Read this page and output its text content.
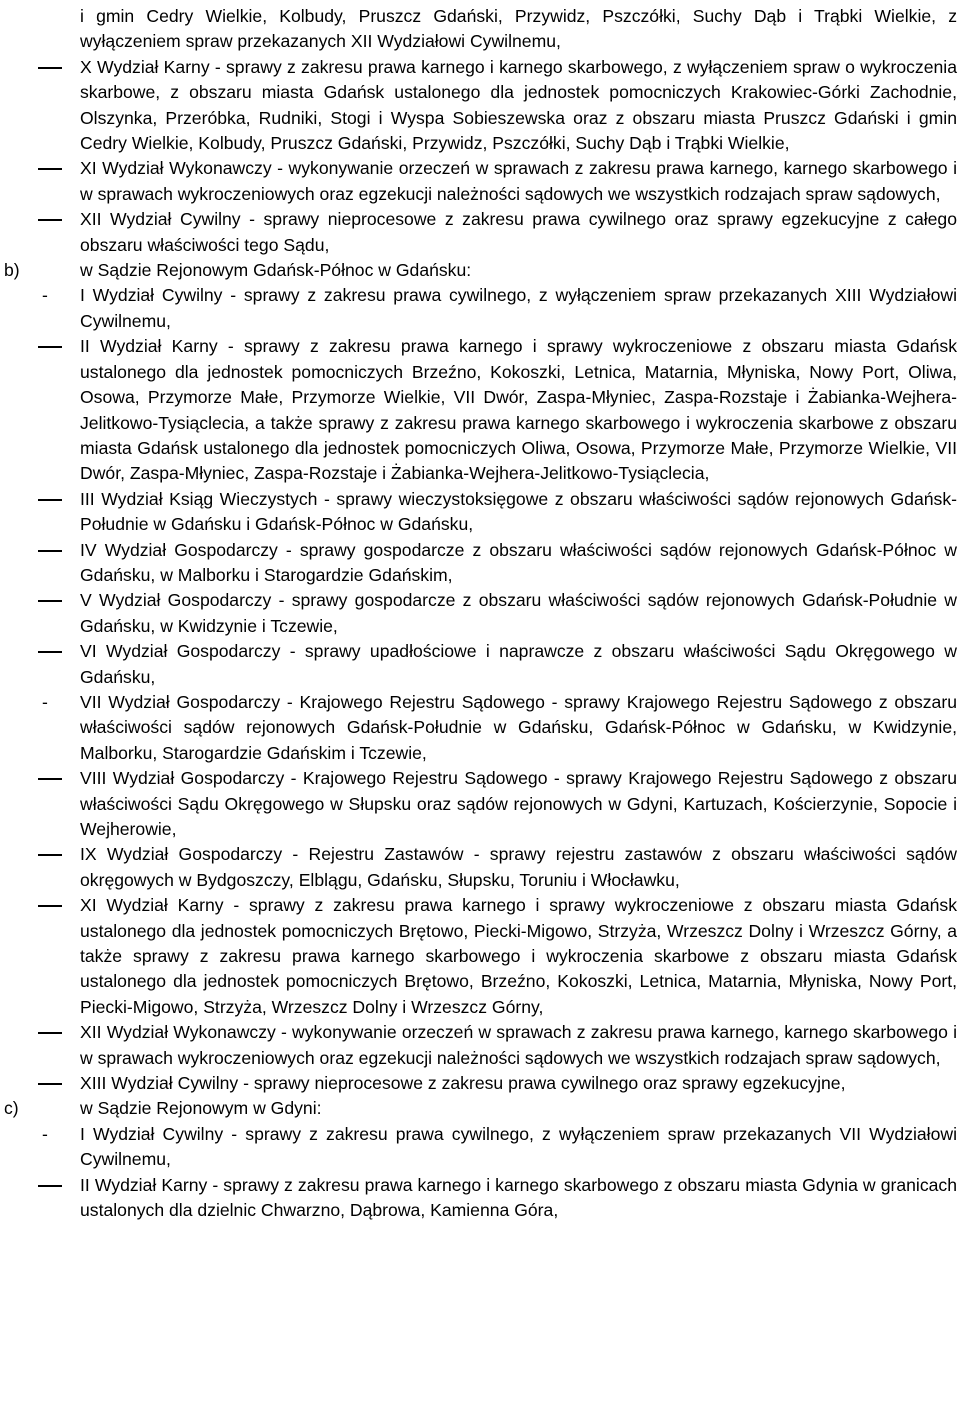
i gmin Cedry Wielkie, Kolbudy, Pruszcz Gdański, Przywidz, Pszczółki, Suchy Dąb i Trąbki Wielkie, z wyłączeniem spraw przekazanych XII Wydziałowi Cywilnemu,
X Wydział Karny - sprawy z zakresu prawa karnego i karnego skarbowego, z wyłączeniem spraw o wykroczenia skarbowe, z obszaru miasta Gdańsk ustalonego dla jednostek pomocniczych Krakowiec-Górki Zachodnie, Olszynka, Przeróbka, Rudniki, Stogi i Wyspa Sobieszewska oraz z obszaru miasta Pruszcz Gdański i gmin Cedry Wielkie, Kolbudy, Pruszcz Gdański, Przywidz, Pszczółki, Suchy Dąb i Trąbki Wielkie,
XI Wydział Wykonawczy - wykonywanie orzeczeń w sprawach z zakresu prawa karnego, karnego skarbowego i w sprawach wykroczeniowych oraz egzekucji należności sądowych we wszystkich rodzajach spraw sądowych,
XII Wydział Cywilny - sprawy nieprocesowe z zakresu prawa cywilnego oraz sprawy egzekucyjne z całego obszaru właściwości tego Sądu,
b)	w Sądzie Rejonowym Gdańsk-Północ w Gdańsku:
- I Wydział Cywilny - sprawy z zakresu prawa cywilnego, z wyłączeniem spraw przekazanych XIII Wydziałowi Cywilnemu,
II Wydział Karny - sprawy z zakresu prawa karnego i sprawy wykroczeniowe z obszaru miasta Gdańsk ustalonego dla jednostek pomocniczych Brzeźno, Kokoszki, Letnica, Matarnia, Młyniska, Nowy Port, Oliwa, Osowa, Przymorze Małe, Przymorze Wielkie, VII Dwór, Zaspa-Młyniec, Zaspa-Rozstaje i Żabianka-Wejhera-Jelitkowo-Tysiąclecia, a także sprawy z zakresu prawa karnego skarbowego i wykroczenia skarbowe z obszaru miasta Gdańsk ustalonego dla jednostek pomocniczych Oliwa, Osowa, Przymorze Małe, Przymorze Wielkie, VII Dwór, Zaspa-Młyniec, Zaspa-Rozstaje i Żabianka-Wejhera-Jelitkowo-Tysiąclecia,
III Wydział Ksiąg Wieczystych - sprawy wieczystoksięgowe z obszaru właściwości sądów rejonowych Gdańsk-Południe w Gdańsku i Gdańsk-Północ w Gdańsku,
IV Wydział Gospodarczy - sprawy gospodarcze z obszaru właściwości sądów rejonowych Gdańsk-Północ w Gdańsku, w Malborku i Starogardzie Gdańskim,
V Wydział Gospodarczy - sprawy gospodarcze z obszaru właściwości sądów rejonowych Gdańsk-Południe w Gdańsku, w Kwidzynie i Tczewie,
VI Wydział Gospodarczy - sprawy upadłościowe i naprawcze z obszaru właściwości Sądu Okręgowego w Gdańsku,
- VII Wydział Gospodarczy - Krajowego Rejestru Sądowego - sprawy Krajowego Rejestru Sądowego z obszaru właściwości sądów rejonowych Gdańsk-Południe w Gdańsku, Gdańsk-Północ w Gdańsku, w Kwidzynie, Malborku, Starogardzie Gdańskim i Tczewie,
VIII Wydział Gospodarczy - Krajowego Rejestru Sądowego - sprawy Krajowego Rejestru Sądowego z obszaru właściwości Sądu Okręgowego w Słupsku oraz sądów rejonowych w Gdyni, Kartuzach, Kościerzynie, Sopocie i Wejherowie,
IX Wydział Gospodarczy - Rejestru Zastawów - sprawy rejestru zastawów z obszaru właściwości sądów okręgowych w Bydgoszczy, Elblągu, Gdańsku, Słupsku, Toruniu i Włocławku,
XI Wydział Karny - sprawy z zakresu prawa karnego i sprawy wykroczeniowe z obszaru miasta Gdańsk ustalonego dla jednostek pomocniczych Brętowo, Piecki-Migowo, Strzyża, Wrzeszcz Dolny i Wrzeszcz Górny, a także sprawy z zakresu prawa karnego skarbowego i wykroczenia skarbowe z obszaru miasta Gdańsk ustalonego dla jednostek pomocniczych Brętowo, Brzeźno, Kokoszki, Letnica, Matarnia, Młyniska, Nowy Port, Piecki-Migowo, Strzyża, Wrzeszcz Dolny i Wrzeszcz Górny,
XII Wydział Wykonawczy - wykonywanie orzeczeń w sprawach z zakresu prawa karnego, karnego skarbowego i w sprawach wykroczeniowych oraz egzekucji należności sądowych we wszystkich rodzajach spraw sądowych,
XIII Wydział Cywilny - sprawy nieprocesowe z zakresu prawa cywilnego oraz sprawy egzekucyjne,
c)	w Sądzie Rejonowym w Gdyni:
- I Wydział Cywilny - sprawy z zakresu prawa cywilnego, z wyłączeniem spraw przekazanych VII Wydziałowi Cywilnemu,
II Wydział Karny - sprawy z zakresu prawa karnego i karnego skarbowego z obszaru miasta Gdynia w granicach ustalonych dla dzielnic Chwarzno, Dąbrowa, Kamienna Góra,
